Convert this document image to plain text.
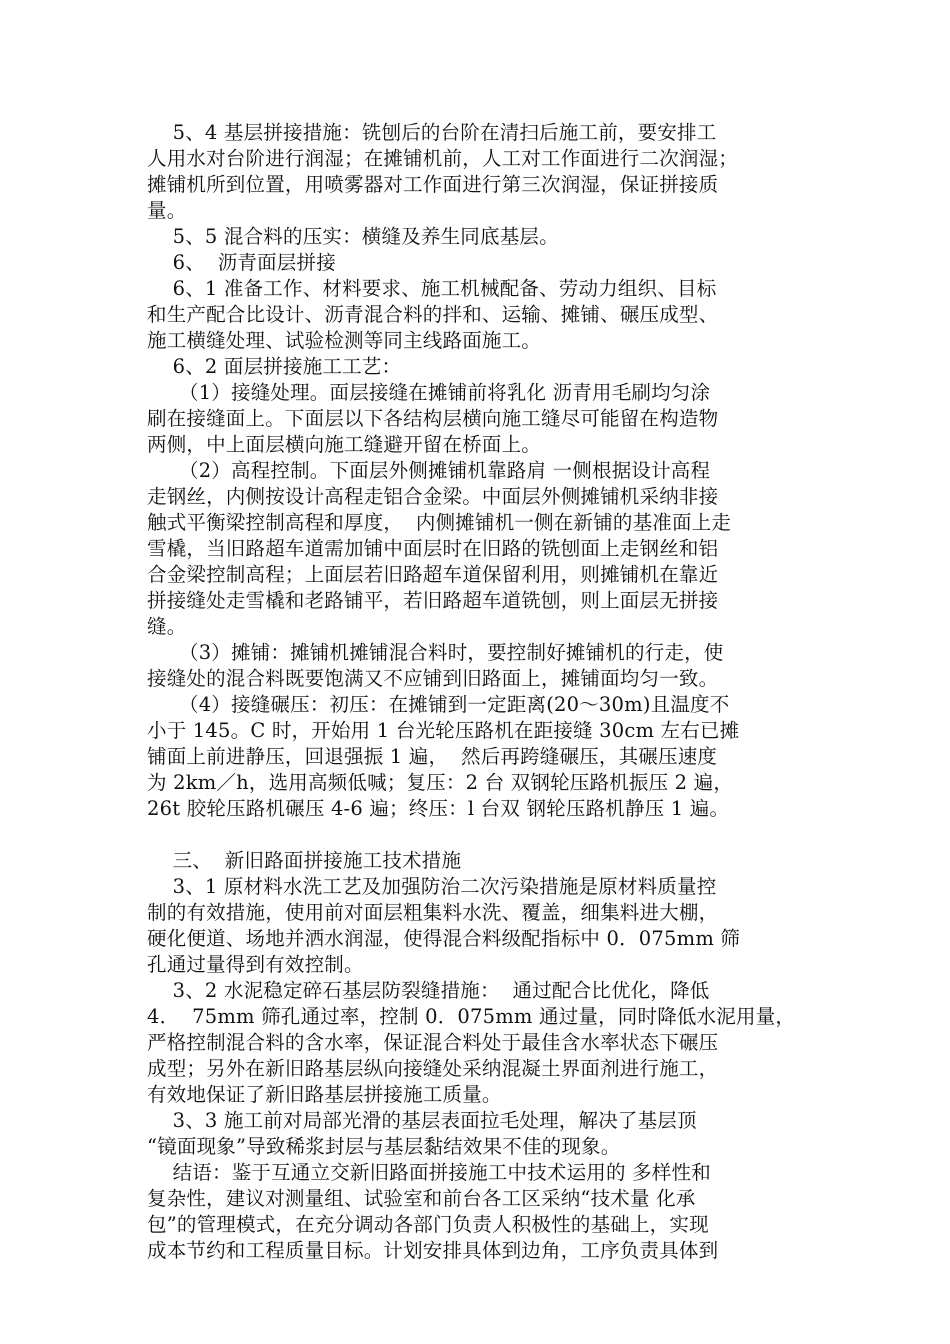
5、4 基层拼接措施：铣刨后的台阶在清扫后施工前，要安排工
人用水对台阶进行润湿；在摊铺机前，人工对工作面进行二次润湿；
摊铺机所到位置，用喷雾器对工作面进行第三次润湿，保证拼接质
量。
5、5 混合料的压实：横缝及养生同底基层。
6、  沥青面层拼接
6、1 准备工作、材料要求、施工机械配备、劳动力组织、目标
和生产配合比设计、沥青混合料的拌和、运输、摊铺、碾压成型、
施工横缝处理、试验检测等同主线路面施工。
6、2 面层拼接施工工艺：
（1）接缝处理。面层接缝在摊铺前将乳化 沥青用毛刷均匀涂
刷在接缝面上。下面层以下各结构层横向施工缝尽可能留在构造物
两侧，中上面层横向施工缝避开留在桥面上。
（2）高程控制。下面层外侧摊铺机靠路肩 一侧根据设计高程
走钢丝，内侧按设计高程走铝合金梁。中面层外侧摊铺机采纳非接
触式平衡梁控制高程和厚度，  内侧摊铺机一侧在新铺的基准面上走
雪橇，当旧路超车道需加铺中面层时在旧路的铣刨面上走钢丝和铝
合金梁控制高程；上面层若旧路超车道保留利用，则摊铺机在靠近
拼接缝处走雪橇和老路铺平，若旧路超车道铣刨，则上面层无拼接
缝。
（3）摊铺：摊铺机摊铺混合料时，要控制好摊铺机的行走，使
接缝处的混合料既要饱满又不应铺到旧路面上，摊铺面均匀一致。
（4）接缝碾压：初压：在摊铺到一定距离(20～30m)且温度不
小于 145。C 时，开始用 1 台光轮压路机在距接缝 30cm 左右已摊
铺面上前进静压，回退强振 1 遍，  然后再跨缝碾压，其碾压速度
为 2km／h，选用高频低喊；复压：2 台 双钢轮压路机振压 2 遍，
26t 胶轮压路机碾压 4-6 遍；终压：l 台双 钢轮压路机静压 1 遍。
三、  新旧路面拼接施工技术措施
3、1 原材料水洗工艺及加强防治二次污染措施是原材料质量控
制的有效措施，使用前对面层粗集料水洗、覆盖，细集料进大棚，
硬化便道、场地并洒水润湿，使得混合料级配指标中 0．075mm 筛
孔通过量得到有效控制。
3、2 水泥稳定碎石基层防裂缝措施：  通过配合比优化，降低
4．  75mm 筛孔通过率，控制 0．075mm 通过量，同时降低水泥用量，
严格控制混合料的含水率，保证混合料处于最佳含水率状态下碾压
成型；另外在新旧路基层纵向接缝处采纳混凝土界面剂进行施工，
有效地保证了新旧路基层拼接施工质量。
3、3 施工前对局部光滑的基层表面拉毛处理，解决了基层顶
“镜面现象”导致稀浆封层与基层黏结效果不佳的现象。
结语：鉴于互通立交新旧路面拼接施工中技术运用的 多样性和
复杂性，建议对测量组、试验室和前台各工区采纳“技术量 化承
包”的管理模式，在充分调动各部门负责人积极性的基础上，实现
成本节约和工程质量目标。计划安排具体到边角，工序负责具体到
